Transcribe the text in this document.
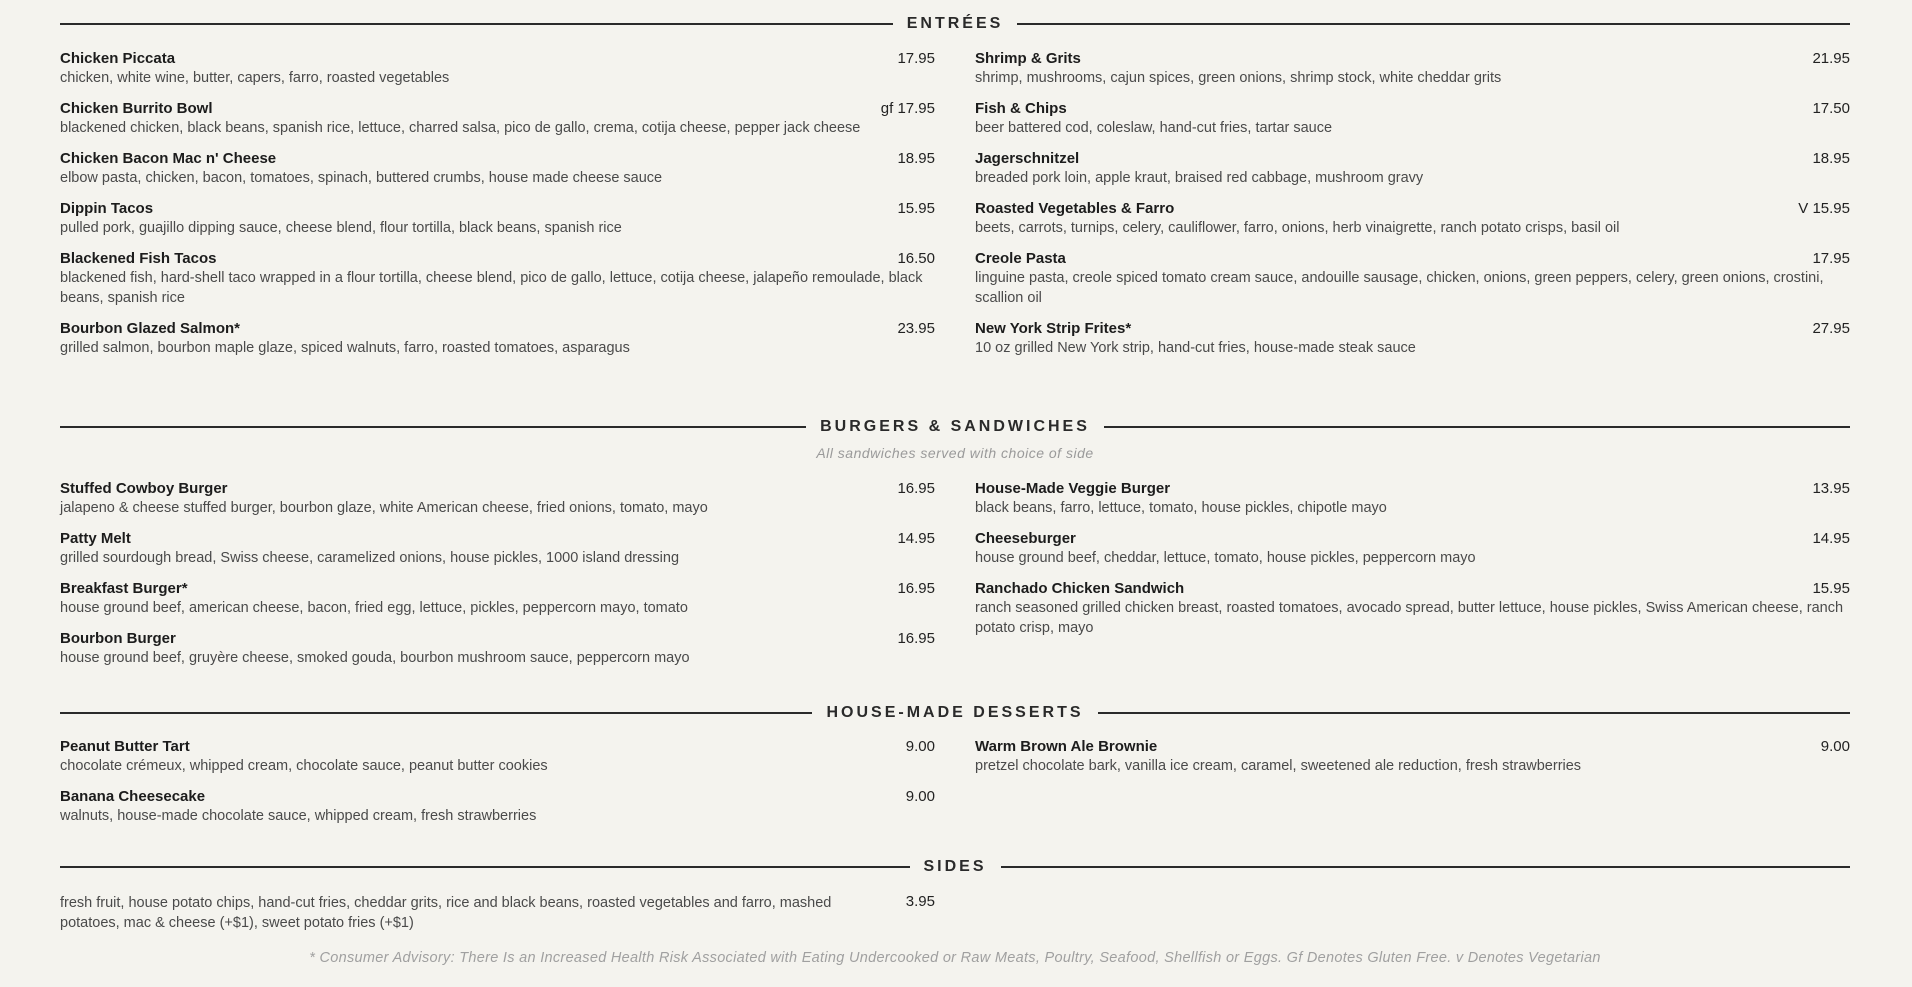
ENTRÉES
Chicken Piccata	17.95
chicken, white wine, butter, capers, farro, roasted vegetables
Chicken Burrito Bowl	gf 17.95
blackened chicken, black beans, spanish rice, lettuce, charred salsa, pico de gallo, crema, cotija cheese, pepper jack cheese
Chicken Bacon Mac n' Cheese	18.95
elbow pasta, chicken, bacon, tomatoes, spinach, buttered crumbs, house made cheese sauce
Dippin Tacos	15.95
pulled pork, guajillo dipping sauce, cheese blend, flour tortilla, black beans, spanish rice
Blackened Fish Tacos	16.50
blackened fish, hard-shell taco wrapped in a flour tortilla, cheese blend, pico de gallo, lettuce, cotija cheese, jalapeño remoulade, black beans, spanish rice
Bourbon Glazed Salmon*	23.95
grilled salmon, bourbon maple glaze, spiced walnuts, farro, roasted tomatoes, asparagus
Shrimp & Grits	21.95
shrimp, mushrooms, cajun spices, green onions, shrimp stock, white cheddar grits
Fish & Chips	17.50
beer battered cod, coleslaw, hand-cut fries, tartar sauce
Jagerschnitzel	18.95
breaded pork loin, apple kraut, braised red cabbage, mushroom gravy
Roasted Vegetables & Farro	V 15.95
beets, carrots, turnips, celery, cauliflower, farro, onions, herb vinaigrette, ranch potato crisps, basil oil
Creole Pasta	17.95
linguine pasta, creole spiced tomato cream sauce, andouille sausage, chicken, onions, green peppers, celery, green onions, crostini, scallion oil
New York Strip Frites*	27.95
10 oz grilled New York strip, hand-cut fries, house-made steak sauce
BURGERS & SANDWICHES
All sandwiches served with choice of side
Stuffed Cowboy Burger	16.95
jalapeno & cheese stuffed burger, bourbon glaze, white American cheese, fried onions, tomato, mayo
Patty Melt	14.95
grilled sourdough bread, Swiss cheese, caramelized onions, house pickles, 1000 island dressing
Breakfast Burger*	16.95
house ground beef, american cheese, bacon, fried egg, lettuce, pickles, peppercorn mayo, tomato
Bourbon Burger	16.95
house ground beef, gruyère cheese, smoked gouda, bourbon mushroom sauce, peppercorn mayo
House-Made Veggie Burger	13.95
black beans, farro, lettuce, tomato, house pickles, chipotle mayo
Cheeseburger	14.95
house ground beef, cheddar, lettuce, tomato, house pickles, peppercorn mayo
Ranchado Chicken Sandwich	15.95
ranch seasoned grilled chicken breast, roasted tomatoes, avocado spread, butter lettuce, house pickles, Swiss American cheese, ranch potato crisp, mayo
HOUSE-MADE DESSERTS
Peanut Butter Tart	9.00
chocolate crémeux, whipped cream, chocolate sauce, peanut butter cookies
Banana Cheesecake	9.00
walnuts, house-made chocolate sauce, whipped cream, fresh strawberries
Warm Brown Ale Brownie	9.00
pretzel chocolate bark, vanilla ice cream, caramel, sweetened ale reduction, fresh strawberries
SIDES
fresh fruit, house potato chips, hand-cut fries, cheddar grits, rice and black beans, roasted vegetables and farro, mashed potatoes, mac & cheese (+$1), sweet potato fries (+$1)
3.95
* Consumer Advisory: There Is an Increased Health Risk Associated with Eating Undercooked or Raw Meats, Poultry, Seafood, Shellfish or Eggs. Gf Denotes Gluten Free. v Denotes Vegetarian
